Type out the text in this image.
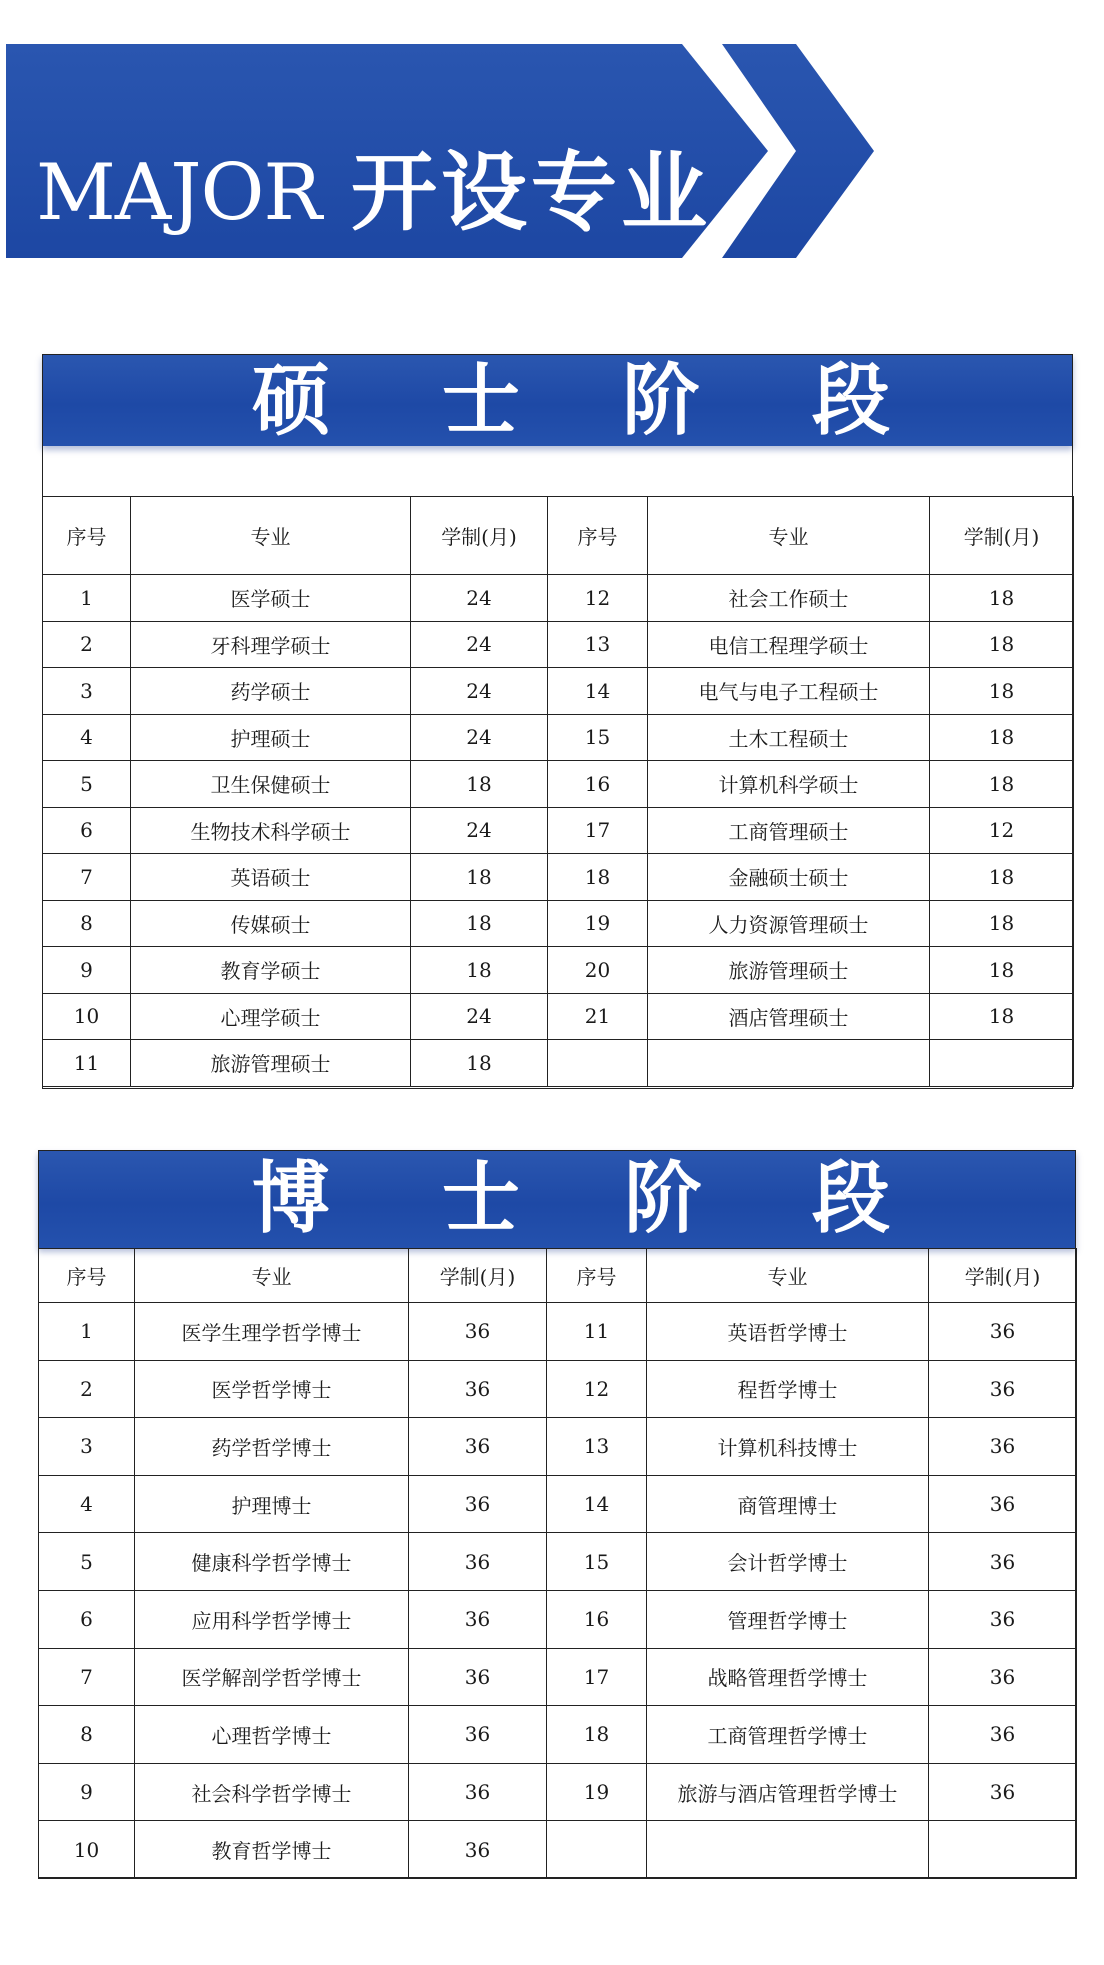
MAJOR 开设专业
硕 士 阶 段
序号	专业	学制(月)	序号	专业	学制(月)
1	医学硕士	24	12	社会工作硕士	18
2	牙科理学硕士	24	13	电信工程理学硕士	18
3	药学硕士	24	14	电气与电子工程硕士	18
4	护理硕士	24	15	土木工程硕士	18
5	卫生保健硕士	18	16	计算机科学硕士	18
6	生物技术科学硕士	24	17	工商管理硕士	12
7	英语硕士	18	18	金融硕士硕士	18
8	传媒硕士	18	19	人力资源管理硕士	18
9	教育学硕士	18	20	旅游管理硕士	18
10	心理学硕士	24	21	酒店管理硕士	18
11	旅游管理硕士	18			
博 士 阶 段
序号	专业	学制(月)	序号	专业	学制(月)
1	医学生理学哲学博士	36	11	英语哲学博士	36
2	医学哲学博士	36	12	程哲学博士	36
3	药学哲学博士	36	13	计算机科技博士	36
4	护理博士	36	14	商管理博士	36
5	健康科学哲学博士	36	15	会计哲学博士	36
6	应用科学哲学博士	36	16	管理哲学博士	36
7	医学解剖学哲学博士	36	17	战略管理哲学博士	36
8	心理哲学博士	36	18	工商管理哲学博士	36
9	社会科学哲学博士	36	19	旅游与酒店管理哲学博士	36
10	教育哲学博士	36			
